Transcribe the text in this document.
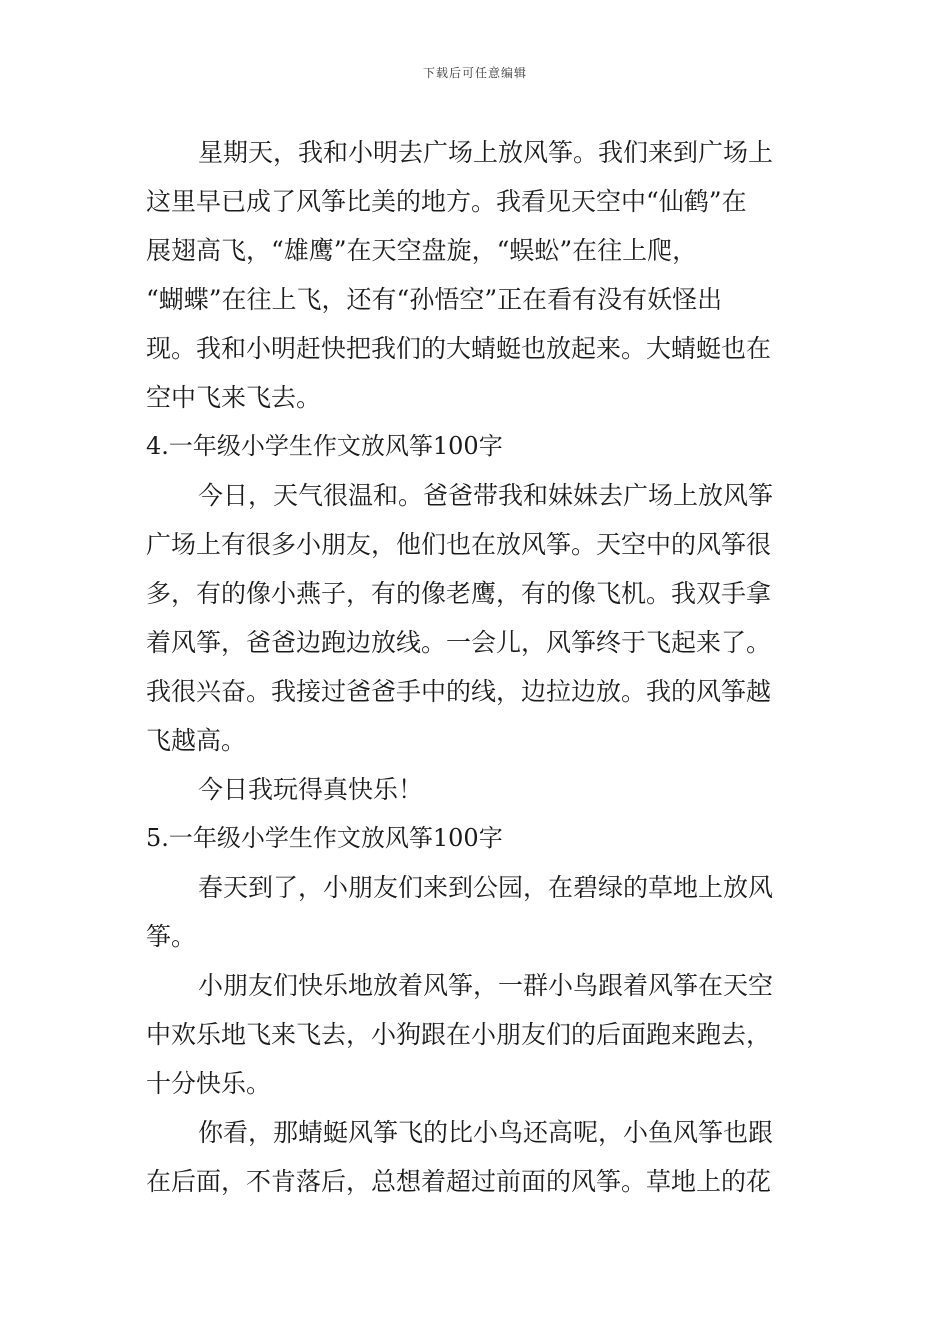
下载后可任意编辑
星期天，我和小明去广场上放风筝。我们来到广场上
这里早已成了风筝比美的地方。我看见天空中“仙鹤”在
展翅高飞，“雄鹰”在天空盘旋，“蜈蚣”在往上爬，
“蝴蝶”在往上飞，还有“孙悟空”正在看有没有妖怪出
现。我和小明赶快把我们的大蜻蜓也放起来。大蜻蜓也在
空中飞来飞去。
4.一年级小学生作文放风筝100字
今日，天气很温和。爸爸带我和妹妹去广场上放风筝
广场上有很多小朋友，他们也在放风筝。天空中的风筝很
多，有的像小燕子，有的像老鹰，有的像飞机。我双手拿
着风筝，爸爸边跑边放线。一会儿，风筝终于飞起来了。
我很兴奋。我接过爸爸手中的线，边拉边放。我的风筝越
飞越高。
今日我玩得真快乐！
5.一年级小学生作文放风筝100字
春天到了，小朋友们来到公园，在碧绿的草地上放风
筝。
小朋友们快乐地放着风筝，一群小鸟跟着风筝在天空
中欢乐地飞来飞去，小狗跟在小朋友们的后面跑来跑去，
十分快乐。
你看，那蜻蜓风筝飞的比小鸟还高呢，小鱼风筝也跟
在后面，不肯落后，总想着超过前面的风筝。草地上的花
